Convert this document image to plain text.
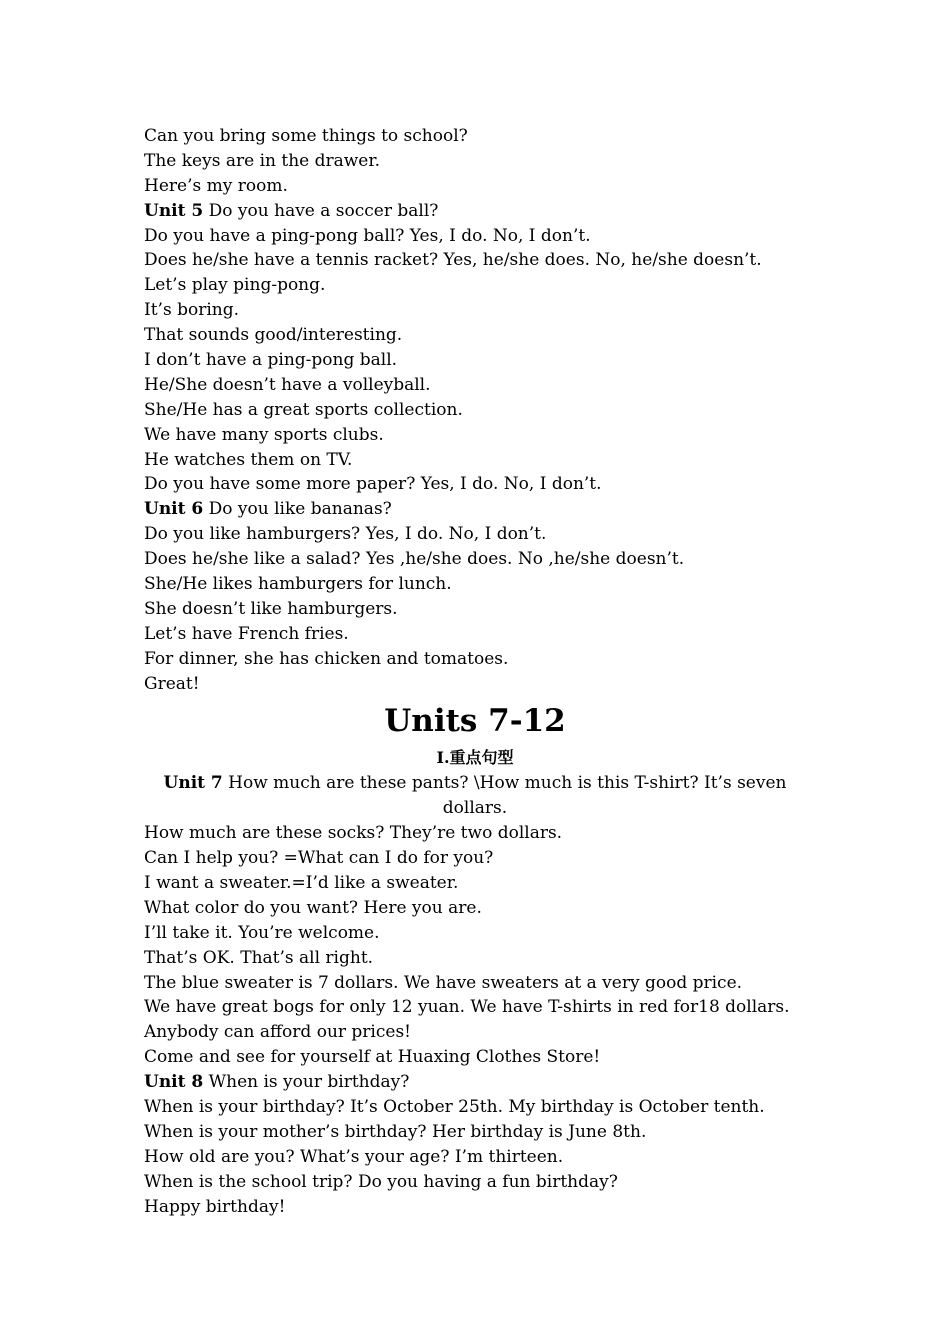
Can you bring some things to school?
The keys are in the drawer.
Here’s my room.
Unit 5 Do you have a soccer ball?
Do you have a ping-pong ball? Yes, I do. No, I don’t.
Does he/she have a tennis racket? Yes, he/she does. No, he/she doesn’t.
Let’s play ping-pong.
It’s boring.
That sounds good/interesting.
I don’t have a ping-pong ball.
He/She doesn’t have a volleyball.
She/He has a great sports collection.
We have many sports clubs.
He watches them on TV.
Do you have some more paper? Yes, I do. No, I don’t.
Unit 6 Do you like bananas?
Do you like hamburgers? Yes, I do. No, I don’t.
Does he/she like a salad? Yes ,he/she does. No ,he/she doesn’t.
She/He likes hamburgers for lunch.
She doesn’t like hamburgers.
Let’s have French fries.
For dinner, she has chicken and tomatoes.
Great!
Units 7-12
I.重点句型
Unit 7 How much are these pants? \How much is this T-shirt? It’s seven dollars.
How much are these socks? They’re two dollars.
Can I help you? =What can I do for you?
I want a sweater.=I’d like a sweater.
What color do you want? Here you are.
I’ll take it. You’re welcome.
That’s OK. That’s all right.
The blue sweater is 7 dollars. We have sweaters at a very good price.
We have great bogs for only 12 yuan. We have T-shirts in red for18 dollars.
Anybody can afford our prices!
Come and see for yourself at Huaxing Clothes Store!
Unit 8 When is your birthday?
When is your birthday? It’s October 25th. My birthday is October tenth.
When is your mother’s birthday? Her birthday is June 8th.
How old are you? What’s your age? I’m thirteen.
When is the school trip? Do you having a fun birthday?
Happy birthday!
